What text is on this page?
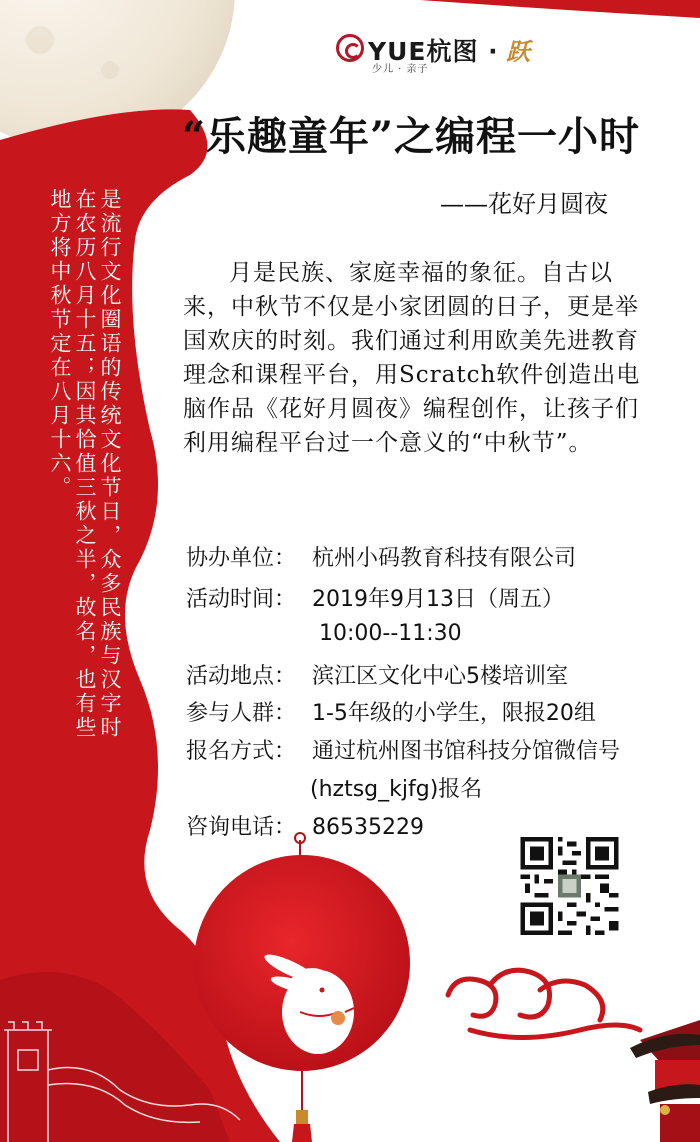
YUE杭图 · 跃
少儿 · 亲子
“乐趣童年”之编程一小时
——花好月圆夜
是流行文化圈语的传统文化节日，众多民族与汉字时在农历八月十五；因其恰值三秋之半，故名，也有些地方将中秋节定在八月十六。	月是民族、家庭幸福的象征。自古以来，中秋节不仅是小家团圆的日子，更是举国欢庆的时刻。我们通过利用欧美先进教育理念和课程平台，用Scratch软件创造出电脑作品《花好月圆夜》编程创作，让孩子们利用编程平台过一个意义的“中秋节”。
协办单位： 杭州小码教育科技有限公司
活动时间： 2019年9月13日（周五）
10:00--11:30
活动地点： 滨江区文化中心5楼培训室
参与人群： 1-5年级的小学生，限报20组
报名方式： 通过杭州图书馆科技分馆微信号
(hztsg_kjfg)报名
咨询电话： 86535229
